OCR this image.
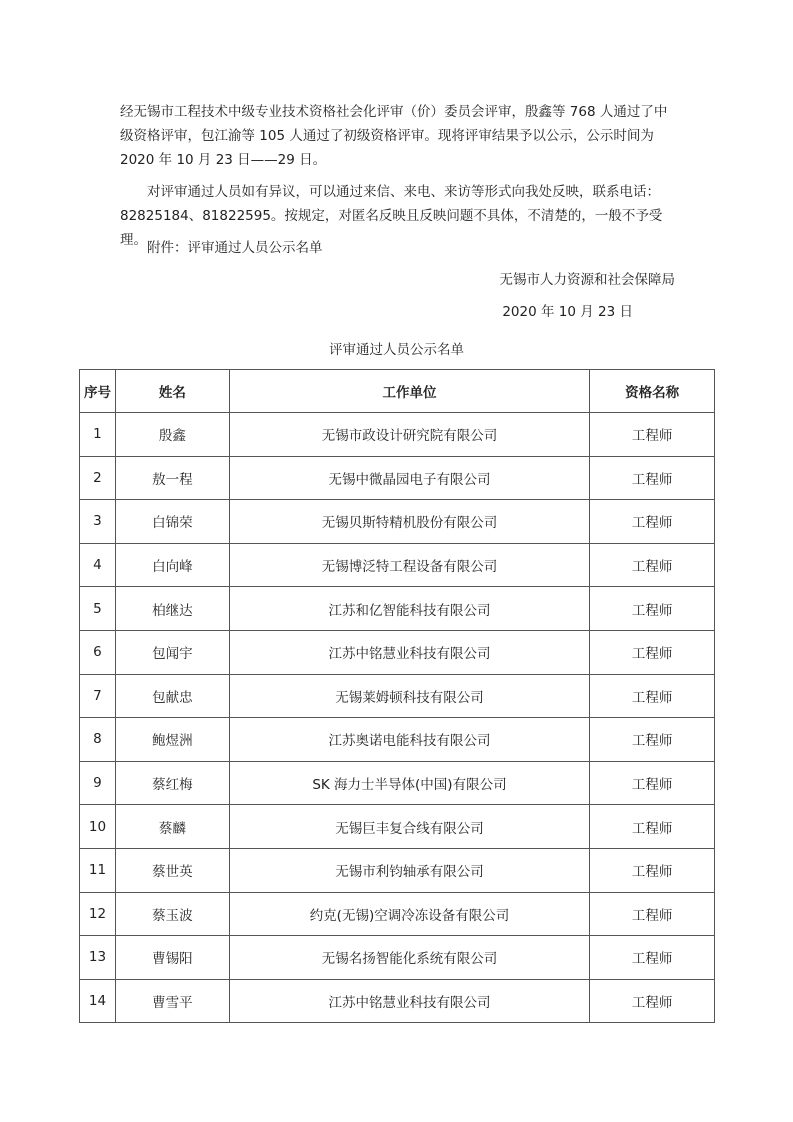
经无锡市工程技术中级专业技术资格社会化评审（价）委员会评审，殷鑫等 768 人通过了中级资格评审，包江渝等 105 人通过了初级资格评审。现将评审结果予以公示，公示时间为 2020 年 10 月 23 日——29 日。

对评审通过人员如有异议，可以通过来信、来电、来访等形式向我处反映，联系电话：82825184、81822595。按规定，对匿名反映且反映问题不具体，不清楚的，一般不予受理。 附件：评审通过人员公示名单

无锡市人力资源和社会保障局

2020 年 10 月 23 日

评审通过人员公示名单

序号	姓名	工作单位	资格名称
1	殷鑫	无锡市政设计研究院有限公司	工程师
2	敖一程	无锡中微晶园电子有限公司	工程师
3	白锦荣	无锡贝斯特精机股份有限公司	工程师
4	白向峰	无锡博泛特工程设备有限公司	工程师
5	柏继达	江苏和亿智能科技有限公司	工程师
6	包闻宇	江苏中铭慧业科技有限公司	工程师
7	包献忠	无锡莱姆顿科技有限公司	工程师
8	鲍煜洲	江苏奥诺电能科技有限公司	工程师
9	蔡红梅	SK 海力士半导体(中国)有限公司	工程师
10	蔡麟	无锡巨丰复合线有限公司	工程师
11	蔡世英	无锡市利钧轴承有限公司	工程师
12	蔡玉波	约克(无锡)空调冷冻设备有限公司	工程师
13	曹锡阳	无锡名扬智能化系统有限公司	工程师
14	曹雪平	江苏中铭慧业科技有限公司	工程师
